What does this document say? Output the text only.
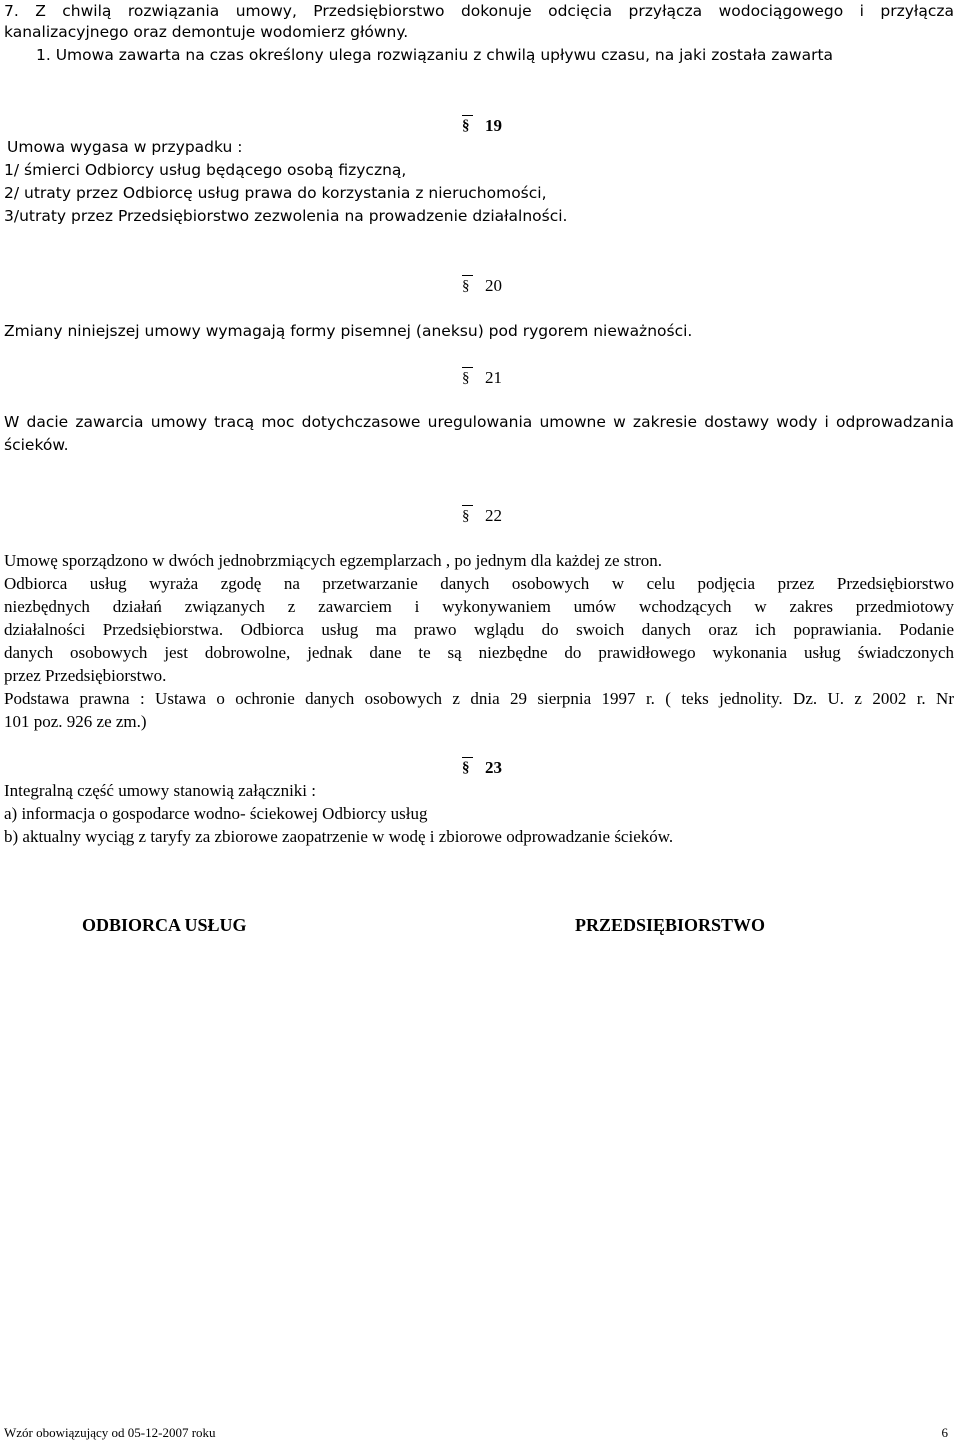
7. Z chwilą rozwiązania umowy, Przedsiębiorstwo dokonuje odcięcia przyłącza wodociągowego i przyłącza
kanalizacyjnego oraz demontuje wodomierz główny.
1. Umowa zawarta na czas określony ulega rozwiązaniu z chwilą upływu czasu, na jaki została zawarta
§19
Umowa wygasa w przypadku :
1/ śmierci Odbiorcy usług będącego osobą fizyczną,
2/ utraty przez Odbiorcę usług prawa do korzystania z nieruchomości,
3/utraty przez Przedsiębiorstwo zezwolenia na prowadzenie działalności.
§20
Zmiany niniejszej umowy wymagają formy pisemnej (aneksu) pod rygorem nieważności.
§21
W dacie zawarcia umowy tracą moc dotychczasowe uregulowania umowne w zakresie dostawy wody i odprowadzania
ścieków.
§22
Umowę sporządzono w dwóch jednobrzmiących egzemplarzach , po jednym dla każdej ze stron.
Odbiorca usług wyraża zgodę na przetwarzanie danych osobowych w celu podjęcia przez Przedsiębiorstwo
niezbędnych działań związanych z zawarciem i wykonywaniem umów wchodzących w zakres przedmiotowy
działalności Przedsiębiorstwa. Odbiorca usług ma prawo wglądu do swoich danych oraz ich poprawiania. Podanie
danych osobowych jest dobrowolne, jednak dane te są niezbędne do prawidłowego wykonania usług świadczonych
przez Przedsiębiorstwo.
Podstawa prawna : Ustawa o ochronie danych osobowych z dnia 29 sierpnia 1997 r. ( teks jednolity. Dz. U. z 2002 r. Nr
101 poz. 926 ze zm.)
§23
Integralną część umowy stanowią załączniki :
a) informacja o gospodarce wodno- ściekowej Odbiorcy usług
b) aktualny wyciąg z taryfy za zbiorowe zaopatrzenie w wodę i zbiorowe odprowadzanie ścieków.
ODBIORCA USŁUG	PRZEDSIĘBIORSTWO
Wzór obowiązujący od 05-12-2007 roku	6
